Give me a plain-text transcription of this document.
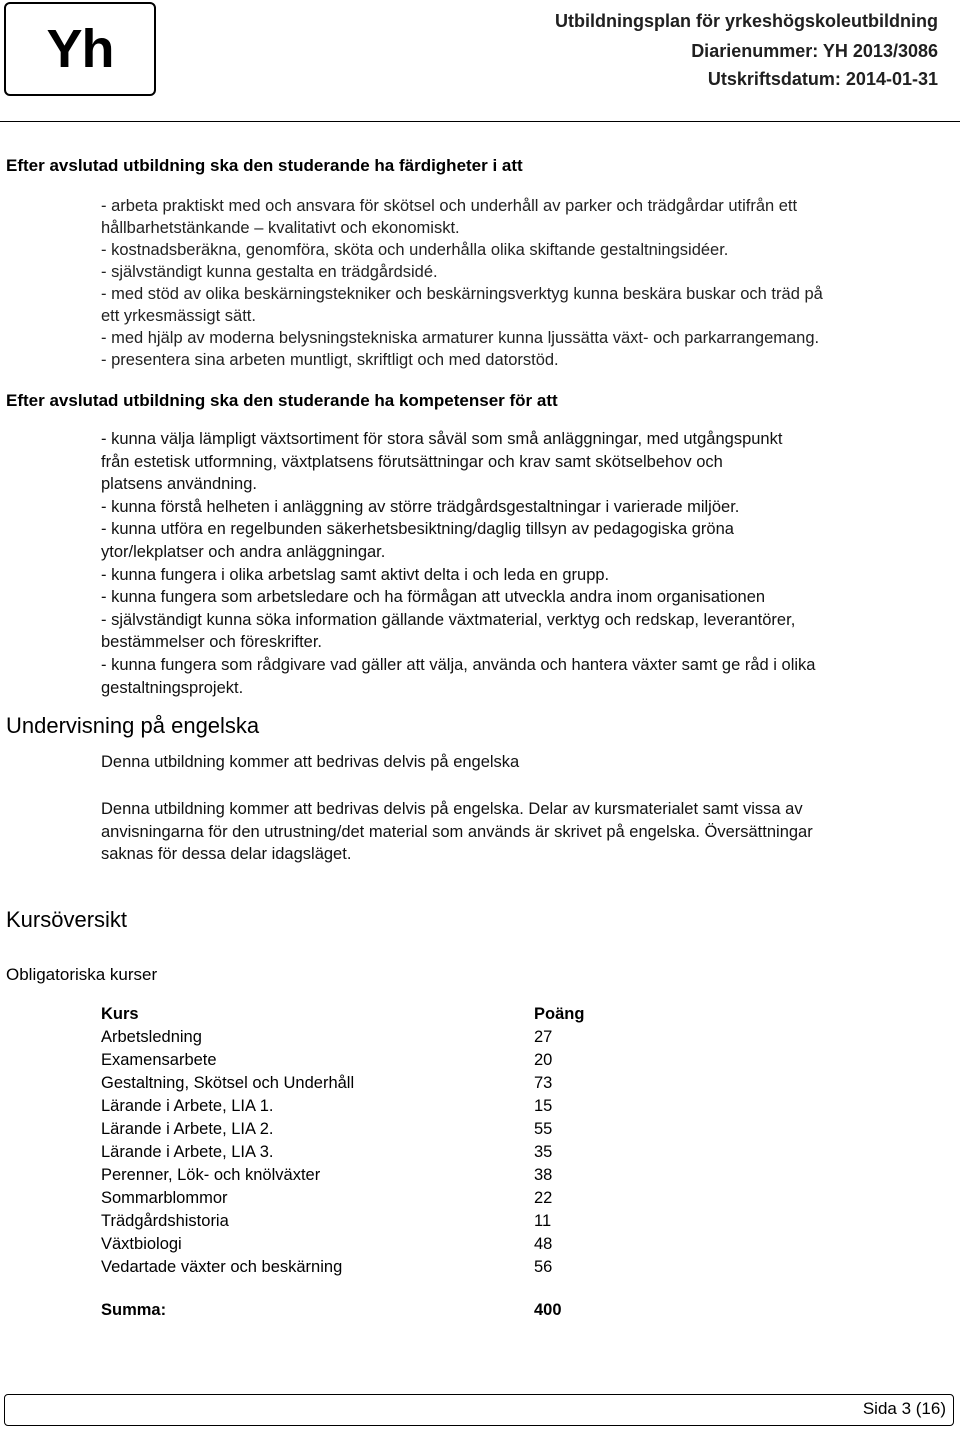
Yh	Utbildningsplan för yrkeshögskoleutbildning
Diarienummer: YH 2013/3086
Utskriftsdatum: 2014-01-31
Efter avslutad utbildning ska den studerande ha färdigheter i att

- arbeta praktiskt med och ansvara för skötsel och underhåll av parker och trädgårdar utifrån ett

hållbarhetstänkande – kvalitativt och ekonomiskt.

- kostnadsberäkna, genomföra, sköta och underhålla olika skiftande gestaltningsidéer.

- självständigt kunna gestalta en trädgårdsidé.

- med stöd av olika beskärningstekniker och beskärningsverktyg kunna beskära buskar och träd på

ett yrkesmässigt sätt.

- med hjälp av moderna belysningstekniska armaturer kunna ljussätta växt- och parkarrangemang.

- presentera sina arbeten muntligt, skriftligt och med datorstöd.

Efter avslutad utbildning ska den studerande ha kompetenser för att

- kunna välja lämpligt växtsortiment för stora såväl som små anläggningar, med utgångspunkt

från estetisk utformning, växtplatsens förutsättningar och krav samt skötselbehov och

platsens användning.

- kunna förstå helheten i anläggning av större trädgårdsgestaltningar i varierade miljöer.

- kunna utföra en regelbunden säkerhetsbesiktning/daglig tillsyn av pedagogiska gröna

ytor/lekplatser och andra anläggningar.

- kunna fungera i olika arbetslag samt aktivt delta i och leda en grupp.

- kunna fungera som arbetsledare och ha förmågan att utveckla andra inom organisationen

- självständigt kunna söka information gällande växtmaterial, verktyg och redskap, leverantörer,

bestämmelser och föreskrifter.

- kunna fungera som rådgivare vad gäller att välja, använda och hantera växter samt ge råd i olika

gestaltningsprojekt.

Undervisning på engelska
Denna utbildning kommer att bedrivas delvis på engelska

Denna utbildning kommer att bedrivas delvis på engelska. Delar av kursmaterialet samt vissa av

anvisningarna för den utrustning/det material som används är skrivet på engelska. Översättningar

saknas för dessa delar idagsläget.

Kursöversikt
Obligatoriska kurser
Kurs	Poäng
Arbetsledning	27
Examensarbete	20
Gestaltning, Skötsel och Underhåll	73
Lärande i Arbete, LIA 1.	15
Lärande i Arbete, LIA 2.	55
Lärande i Arbete, LIA 3.	35
Perenner, Lök- och knölväxter	38
Sommarblommor	22
Trädgårdshistoria	11
Växtbiologi	48
Vedartade växter och beskärning	56
Summa:	400
Sida 3 (16)
